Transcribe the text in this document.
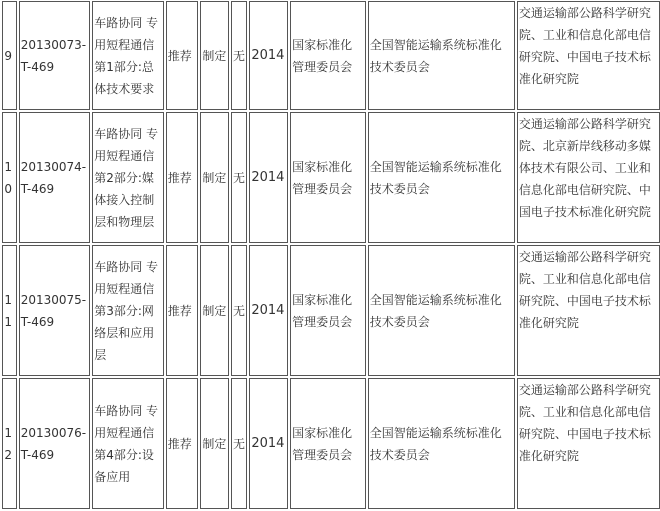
	9	20130073-T-469	车路协同 专用短程通信第1部分:总体技术要求	推荐	制定	无	2014	国家标准化管理委员会	全国智能运输系统标准化技术委员会	交通运输部公路科学研究院、工业和信息化部电信研究院、中国电子技术标准化研究院
	10	20130074-T-469	车路协同 专用短程通信第2部分:媒体接入控制层和物理层	推荐	制定	无	2014	国家标准化管理委员会	全国智能运输系统标准化技术委员会	交通运输部公路科学研究院、北京新岸线移动多媒体技术有限公司、工业和信息化部电信研究院、中国电子技术标准化研究院
	11	20130075-T-469	车路协同 专用短程通信第3部分:网络层和应用层	推荐	制定	无	2014	国家标准化管理委员会	全国智能运输系统标准化技术委员会	交通运输部公路科学研究院、工业和信息化部电信研究院、中国电子技术标准化研究院
	12	20130076-T-469	车路协同 专用短程通信第4部分:设备应用	推荐	制定	无	2014	国家标准化管理委员会	全国智能运输系统标准化技术委员会	交通运输部公路科学研究院、工业和信息化部电信研究院、中国电子技术标准化研究院
